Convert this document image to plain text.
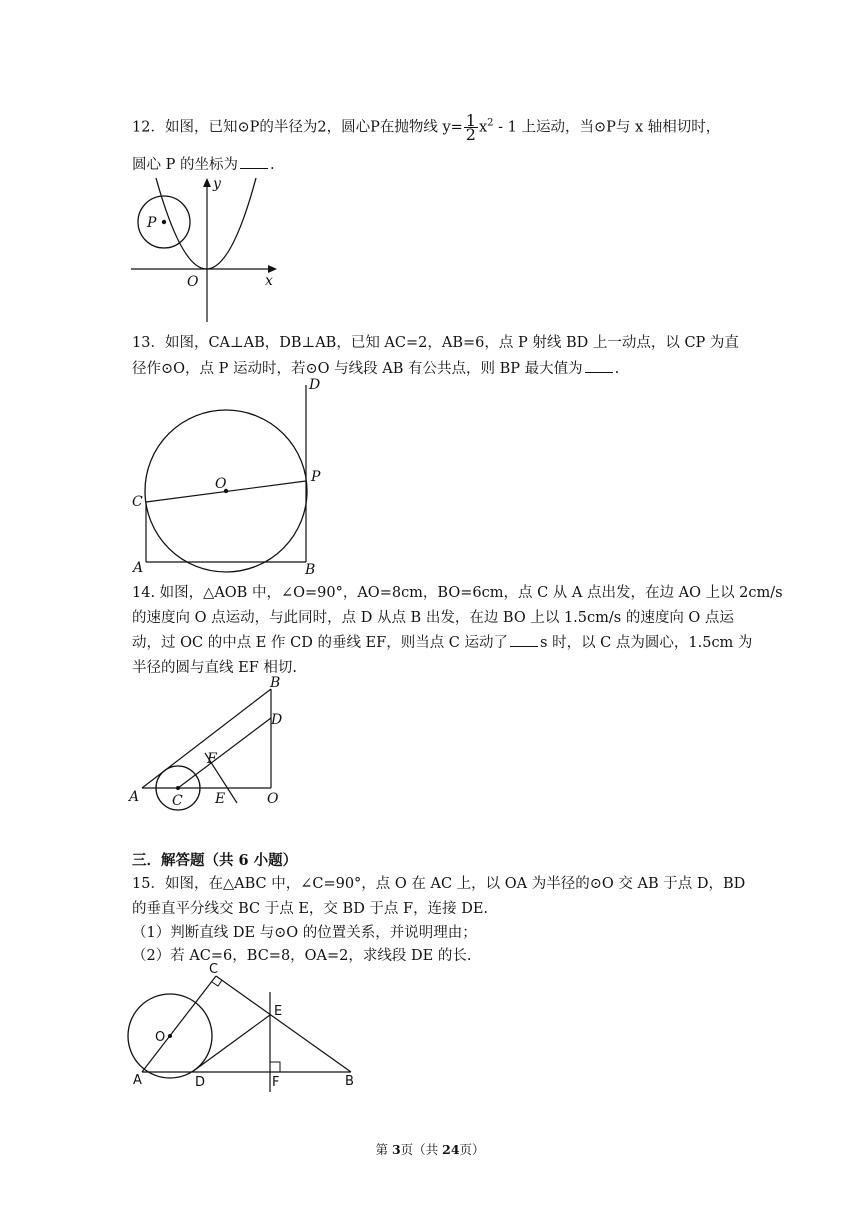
12．如图，已知⊙P的半径为2，圆心P在抛物线 $y= \frac{1}{2} x^2 - 1$ 上运动，当⊙P与 x 轴相切时，
圆心 P 的坐标为 .
P
O	x
y
13．如图，CA⊥AB，DB⊥AB，已知 AC=2，AB=6，点 P 射线 BD 上一动点，以 CP 为直
径作⊙O，点 P 运动时，若⊙O 与线段 AB 有公共点，则 BP 最大值为 .
A	B
C
D
O	P
14. 如图，△AOB 中，∠O=90°，AO=8cm，BO=6cm，点 C 从 A 点出发，在边 AO 上以 2cm/s
的速度向 O 点运动，与此同时，点 D 从点 B 出发，在边 BO 上以 1.5cm/s 的速度向 O 点运
动，过 OC 的中点 E 作 CD 的垂线 EF，则当点 C 运动了 s 时，以 C 点为圆心，1.5cm 为
半径的圆与直线 EF 相切.
A
B
C
D
E
F
O
三．解答题（共 6 小题）
15．如图，在△ABC 中，∠C=90°，点 O 在 AC 上，以 OA 为半径的⊙O 交 AB 于点 D，BD
的垂直平分线交 BC 于点 E，交 BD 于点 F，连接 DE.
（1）判断直线 DE 与⊙O 的位置关系，并说明理由；
（2）若 AC=6，BC=8，OA=2，求线段 DE 的长.
A	B
C
D
E
F
O
第 3页（共 24页）
